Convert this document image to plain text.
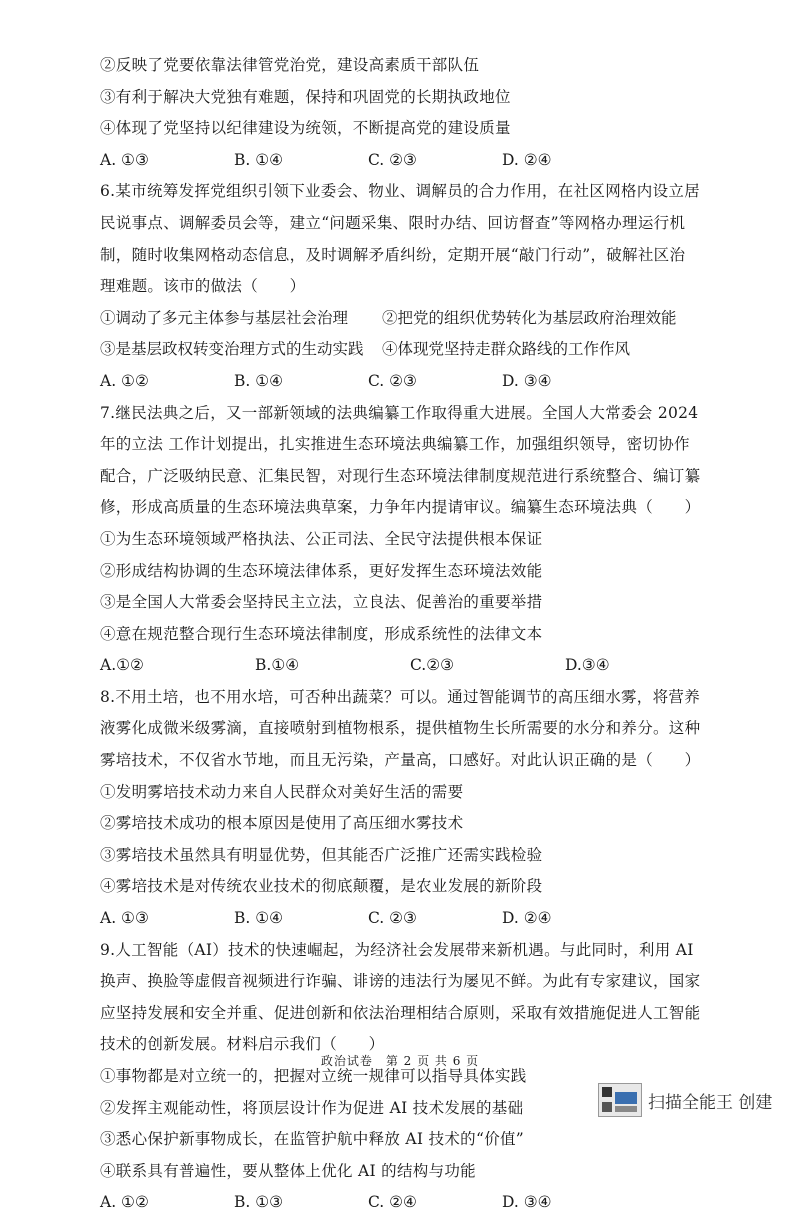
②反映了党要依靠法律管党治党，建设高素质干部队伍
③有利于解决大党独有难题，保持和巩固党的长期执政地位
④体现了党坚持以纪律建设为统领，不断提高党的建设质量
A. ①③	B. ①④	C. ②③	D. ②④
6.某市统筹发挥党组织引领下业委会、物业、调解员的合力作用，在社区网格内设立居
民说事点、调解委员会等，建立“问题采集、限时办结、回访督查”等网格办理运行机
制，随时收集网格动态信息，及时调解矛盾纠纷，定期开展“敲门行动”，破解社区治
理难题。该市的做法（　　）
①调动了多元主体参与基层社会治理	②把党的组织优势转化为基层政府治理效能
③是基层政权转变治理方式的生动实践	④体现党坚持走群众路线的工作作风
A. ①②	B. ①④	C. ②③	D. ③④
7.继民法典之后，又一部新领域的法典编纂工作取得重大进展。全国人大常委会 2024
年的立法 工作计划提出，扎实推进生态环境法典编纂工作，加强组织领导，密切协作
配合，广泛吸纳民意、汇集民智，对现行生态环境法律制度规范进行系统整合、编订纂
修，形成高质量的生态环境法典草案，力争年内提请审议。编纂生态环境法典（　　）
①为生态环境领域严格执法、公正司法、全民守法提供根本保证
②形成结构协调的生态环境法律体系，更好发挥生态环境法效能
③是全国人大常委会坚持民主立法，立良法、促善治的重要举措
④意在规范整合现行生态环境法律制度，形成系统性的法律文本
A.①②	B.①④	C.②③	D.③④
8.不用土培，也不用水培，可否种出蔬菜？可以。通过智能调节的高压细水雾，将营养
液雾化成微米级雾滴，直接喷射到植物根系，提供植物生长所需要的水分和养分。这种
雾培技术，不仅省水节地，而且无污染，产量高，口感好。对此认识正确的是（　　）
①发明雾培技术动力来自人民群众对美好生活的需要
②雾培技术成功的根本原因是使用了高压细水雾技术
③雾培技术虽然具有明显优势，但其能否广泛推广还需实践检验
④雾培技术是对传统农业技术的彻底颠覆，是农业发展的新阶段
A. ①③	B. ①④	C. ②③	D. ②④
9.人工智能（AI）技术的快速崛起，为经济社会发展带来新机遇。与此同时，利用 AI
换声、换脸等虚假音视频进行诈骗、诽谤的违法行为屡见不鲜。为此有专家建议，国家
应坚持发展和安全并重、促进创新和依法治理相结合原则，采取有效措施促进人工智能
技术的创新发展。材料启示我们（　　）
①事物都是对立统一的，把握对立统一规律可以指导具体实践
②发挥主观能动性，将顶层设计作为促进 AI 技术发展的基础
③悉心保护新事物成长，在监管护航中释放 AI 技术的“价值”
④联系具有普遍性，要从整体上优化 AI 的结构与功能
A. ①②	B. ①③	C. ②④	D. ③④
政治试卷　第 2 页 共 6 页
扫描全能王 创建
